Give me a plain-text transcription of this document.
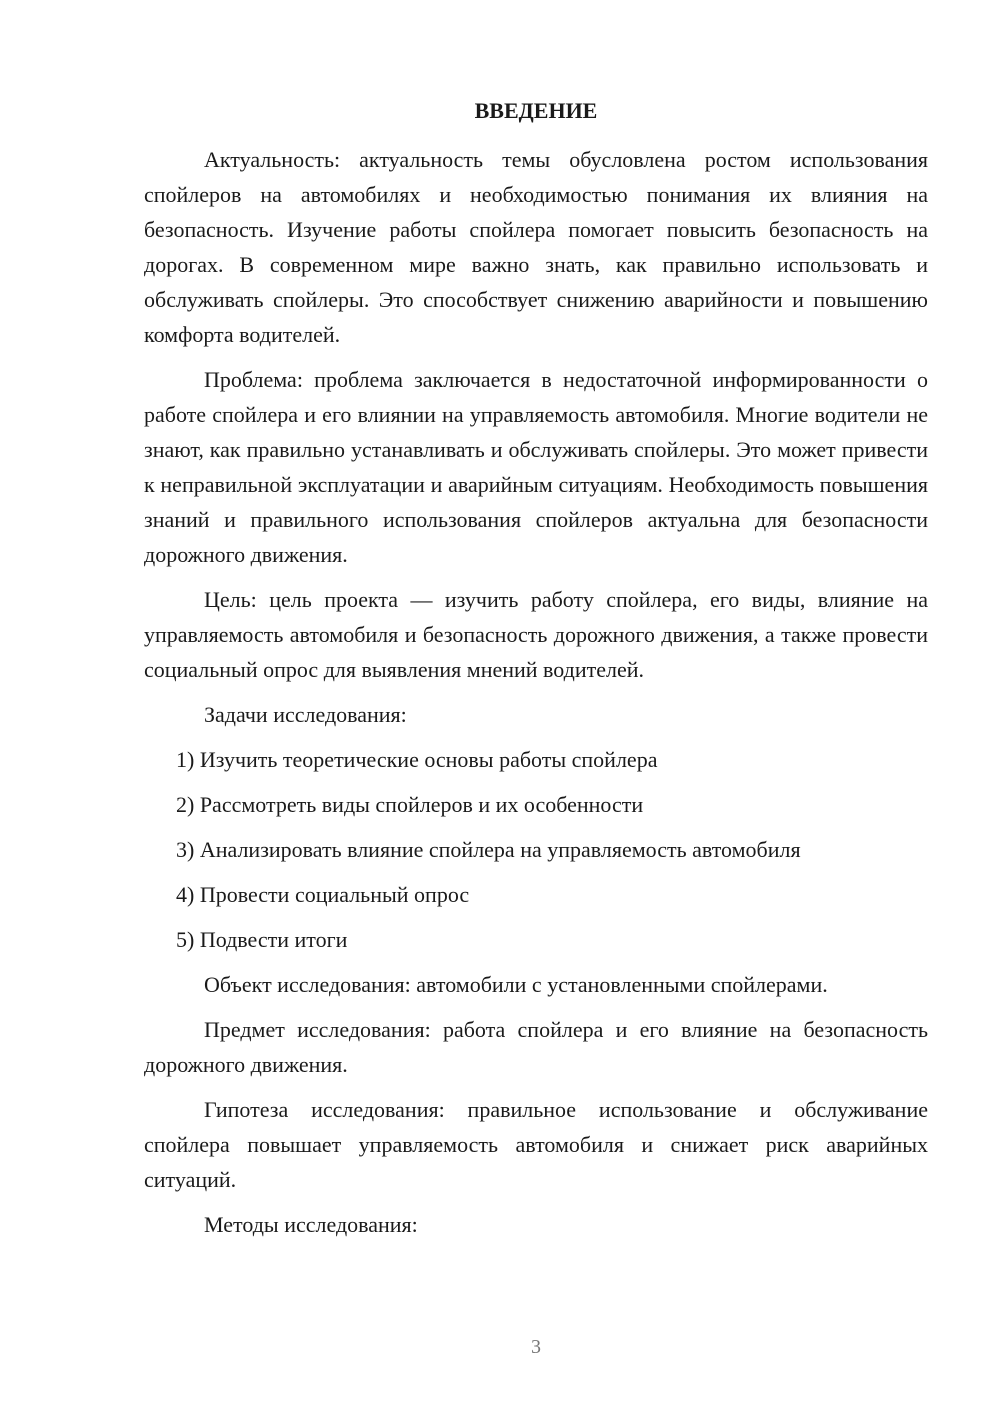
ВВЕДЕНИЕ

Актуальность: актуальность темы обусловлена ростом использования спойлеров на автомобилях и необходимостью понимания их влияния на безопасность. Изучение работы спойлера помогает повысить безопасность на дорогах. В современном мире важно знать, как правильно использовать и обслуживать спойлеры. Это способствует снижению аварийности и повышению комфорта водителей.

Проблема: проблема заключается в недостаточной информированности о работе спойлера и его влиянии на управляемость автомобиля. Многие водители не знают, как правильно устанавливать и обслуживать спойлеры. Это может привести к неправильной эксплуатации и аварийным ситуациям. Необходимость повышения знаний и правильного использования спойлеров актуальна для безопасности дорожного движения.

Цель: цель проекта — изучить работу спойлера, его виды, влияние на управляемость автомобиля и безопасность дорожного движения, а также провести социальный опрос для выявления мнений водителей.

Задачи исследования:

1) Изучить теоретические основы работы спойлера
2) Рассмотреть виды спойлеров и их особенности
3) Анализировать влияние спойлера на управляемость автомобиля
4) Провести социальный опрос
5) Подвести итоги

Объект исследования: автомобили с установленными спойлерами.

Предмет исследования: работа спойлера и его влияние на безопасность дорожного движения.

Гипотеза исследования: правильное использование и обслуживание спойлера повышает управляемость автомобиля и снижает риск аварийных ситуаций.

Методы исследования:

3
